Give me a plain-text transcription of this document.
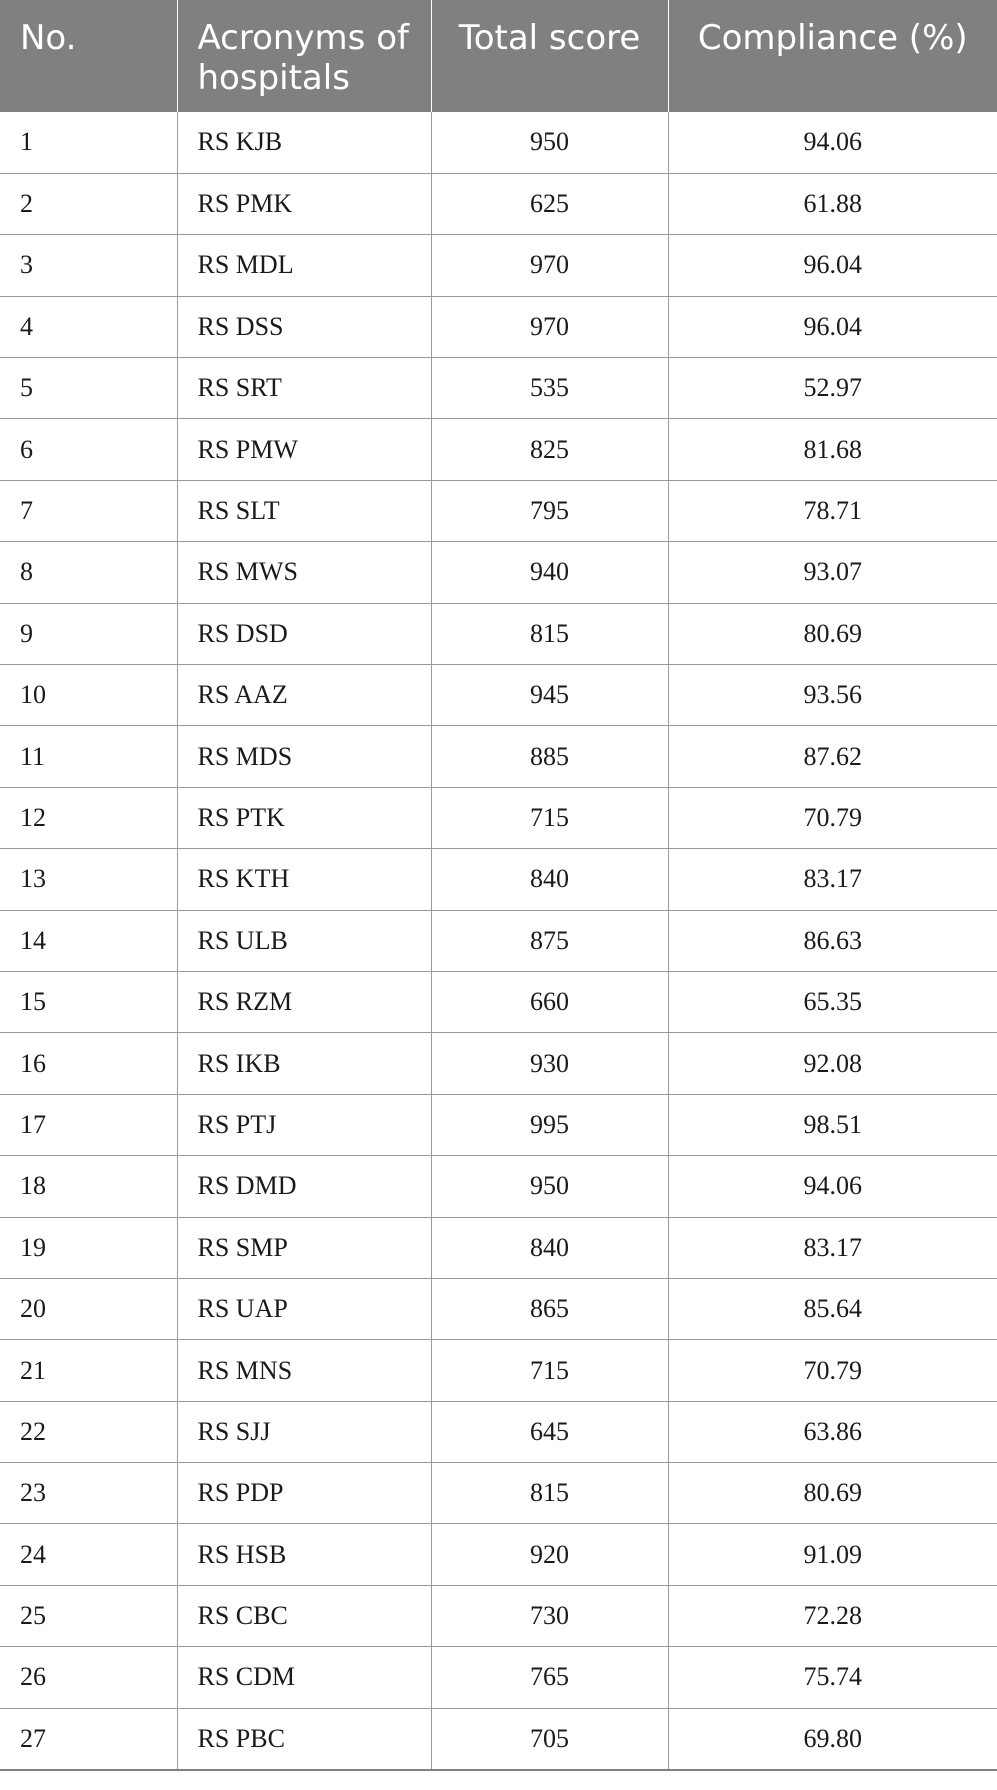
No.	Acronyms of hospitals	Total score	Compliance (%)
1	RS KJB	950	94.06
2	RS PMK	625	61.88
3	RS MDL	970	96.04
4	RS DSS	970	96.04
5	RS SRT	535	52.97
6	RS PMW	825	81.68
7	RS SLT	795	78.71
8	RS MWS	940	93.07
9	RS DSD	815	80.69
10	RS AAZ	945	93.56
11	RS MDS	885	87.62
12	RS PTK	715	70.79
13	RS KTH	840	83.17
14	RS ULB	875	86.63
15	RS RZM	660	65.35
16	RS IKB	930	92.08
17	RS PTJ	995	98.51
18	RS DMD	950	94.06
19	RS SMP	840	83.17
20	RS UAP	865	85.64
21	RS MNS	715	70.79
22	RS SJJ	645	63.86
23	RS PDP	815	80.69
24	RS HSB	920	91.09
25	RS CBC	730	72.28
26	RS CDM	765	75.74
27	RS PBC	705	69.80
